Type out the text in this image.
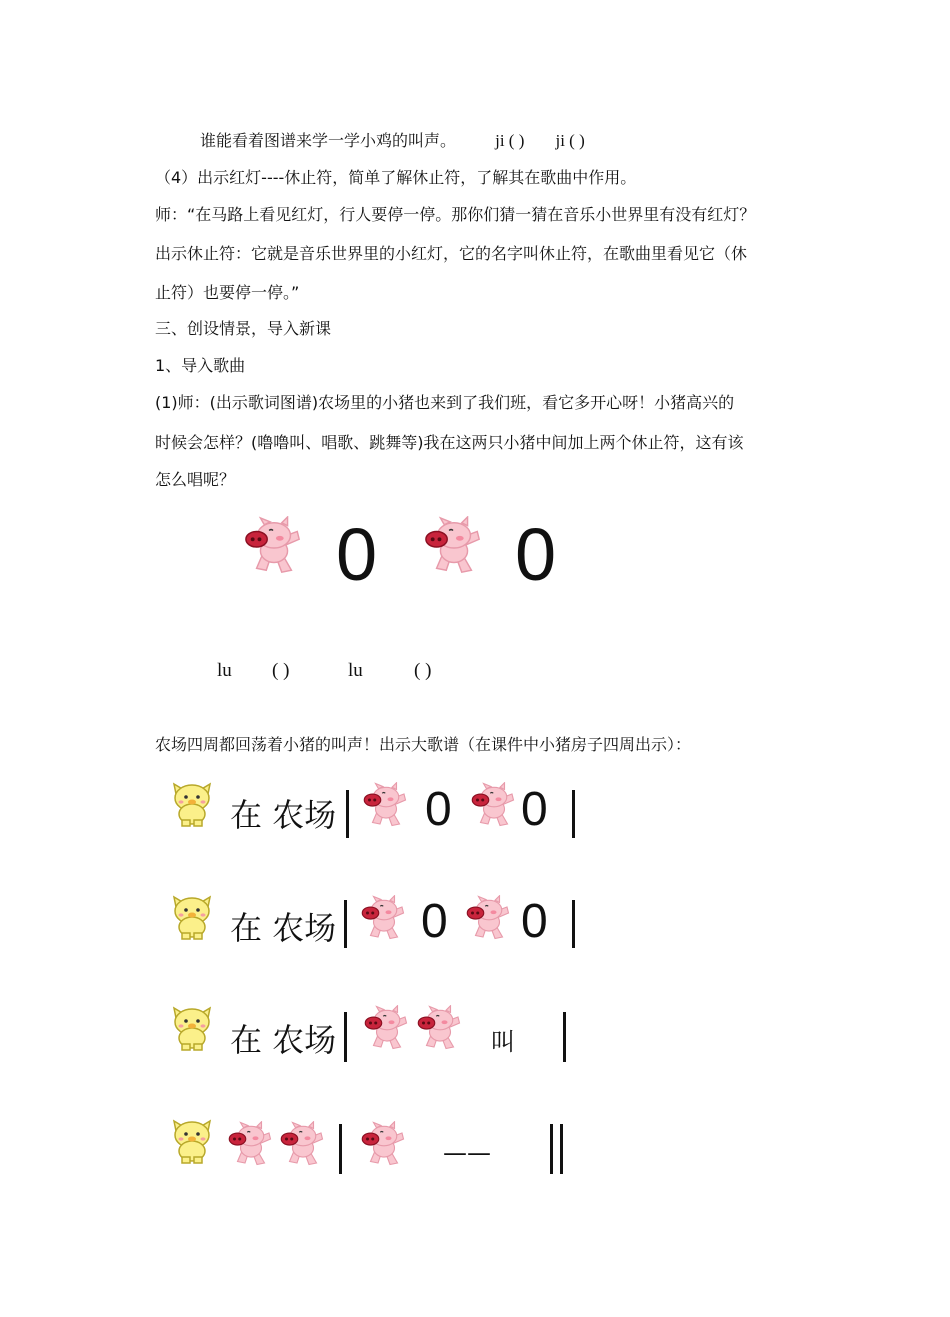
谁能看着图谱来学一学小鸡的叫声。 ji ( ) ji ( )
（4）出示红灯----休止符，简单了解休止符，了解其在歌曲中作用。
师：“在马路上看见红灯，行人要停一停。那你们猜一猜在音乐小世界里有没有红灯？
出示休止符：它就是音乐世界里的小红灯，它的名字叫休止符，在歌曲里看见它（休
止符）也要停一停。”
三、创设情景，导入新课
1、导入歌曲
(1)师：(出示歌词图谱)农场里的小猪也来到了我们班，看它多开心呀！小猪高兴的
时候会怎样？(噜噜叫、唱歌、跳舞等)我在这两只小猪中间加上两个休止符，这有该
怎么唱呢？
0 0
lu ( )	lu	( )
农场四周都回荡着小猪的叫声！出示大歌谱（在课件中小猪房子四周出示）：
在 农场 0 0
在 农场 0 0
在 农场	叫
——
